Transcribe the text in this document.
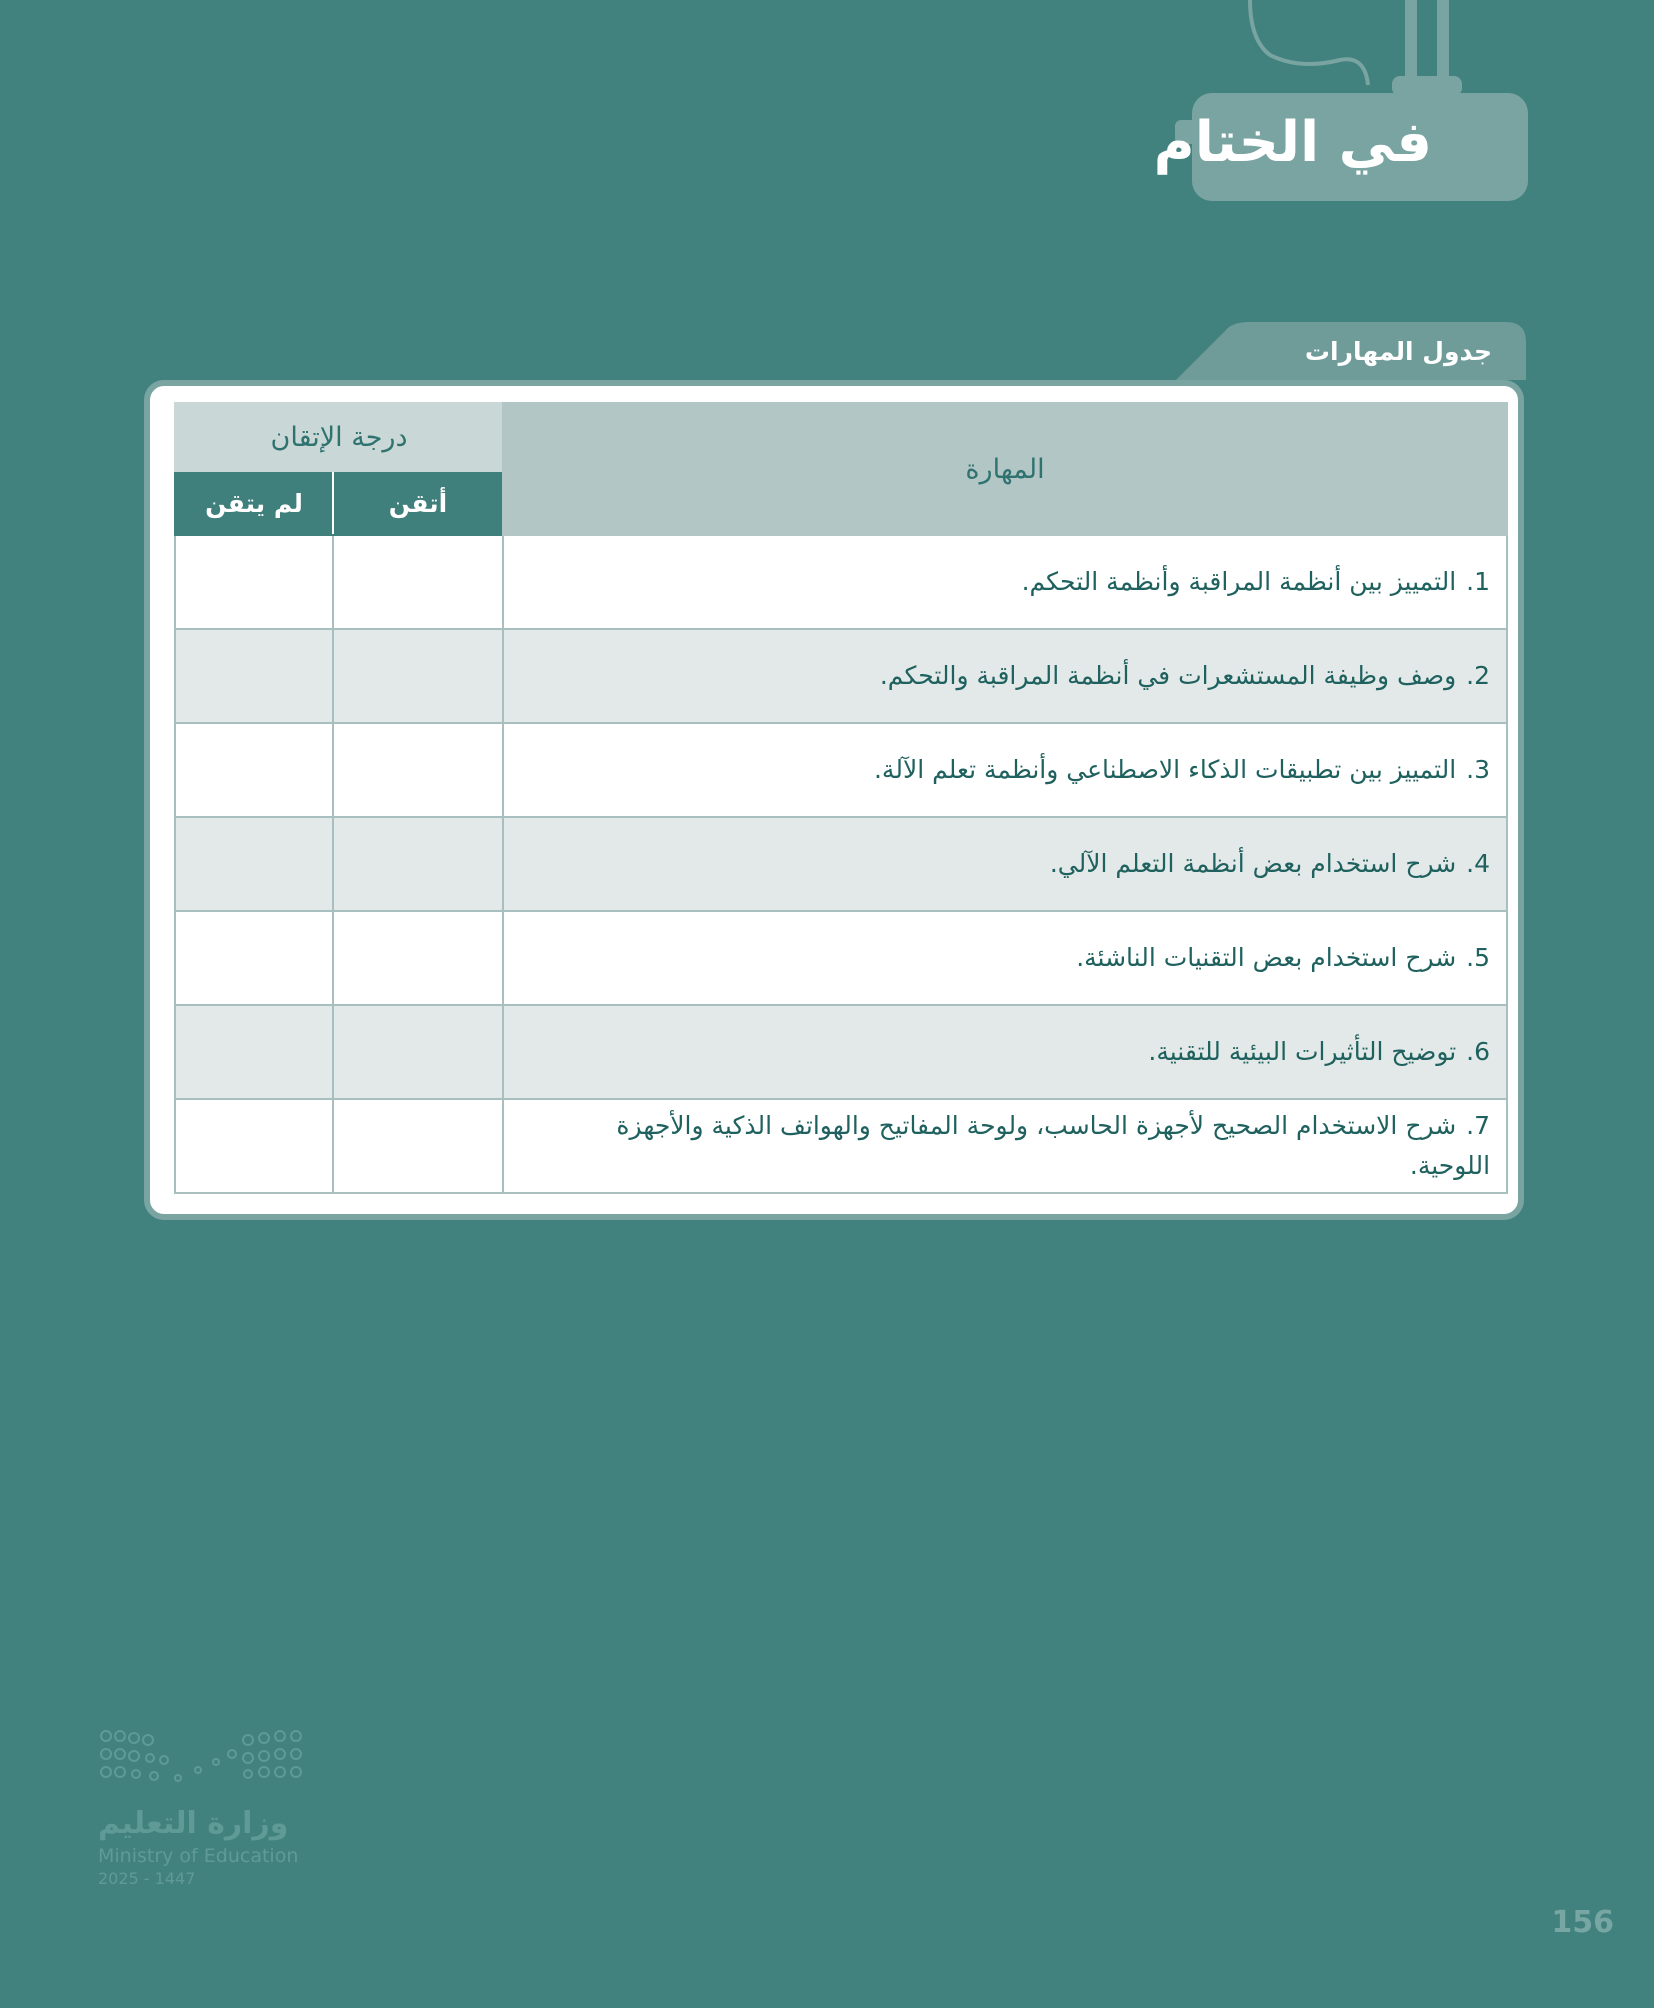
في الختام
جدول المهارات
المهارة	درجة الإتقان	
	أتقن	لم يتقن
1. التمييز بين أنظمة المراقبة وأنظمة التحكم.		
2. وصف وظيفة المستشعرات في أنظمة المراقبة والتحكم.		
3. التمييز بين تطبيقات الذكاء الاصطناعي وأنظمة تعلم الآلة.		
4. شرح استخدام بعض أنظمة التعلم الآلي.		
5. شرح استخدام بعض التقنيات الناشئة.		
6. توضيح التأثيرات البيئية للتقنية.		
7. شرح الاستخدام الصحيح لأجهزة الحاسب، ولوحة المفاتيح والهواتف الذكية والأجهزة اللوحية.		
وزارة التعليم
Ministry of Education
2025 - 1447
156
